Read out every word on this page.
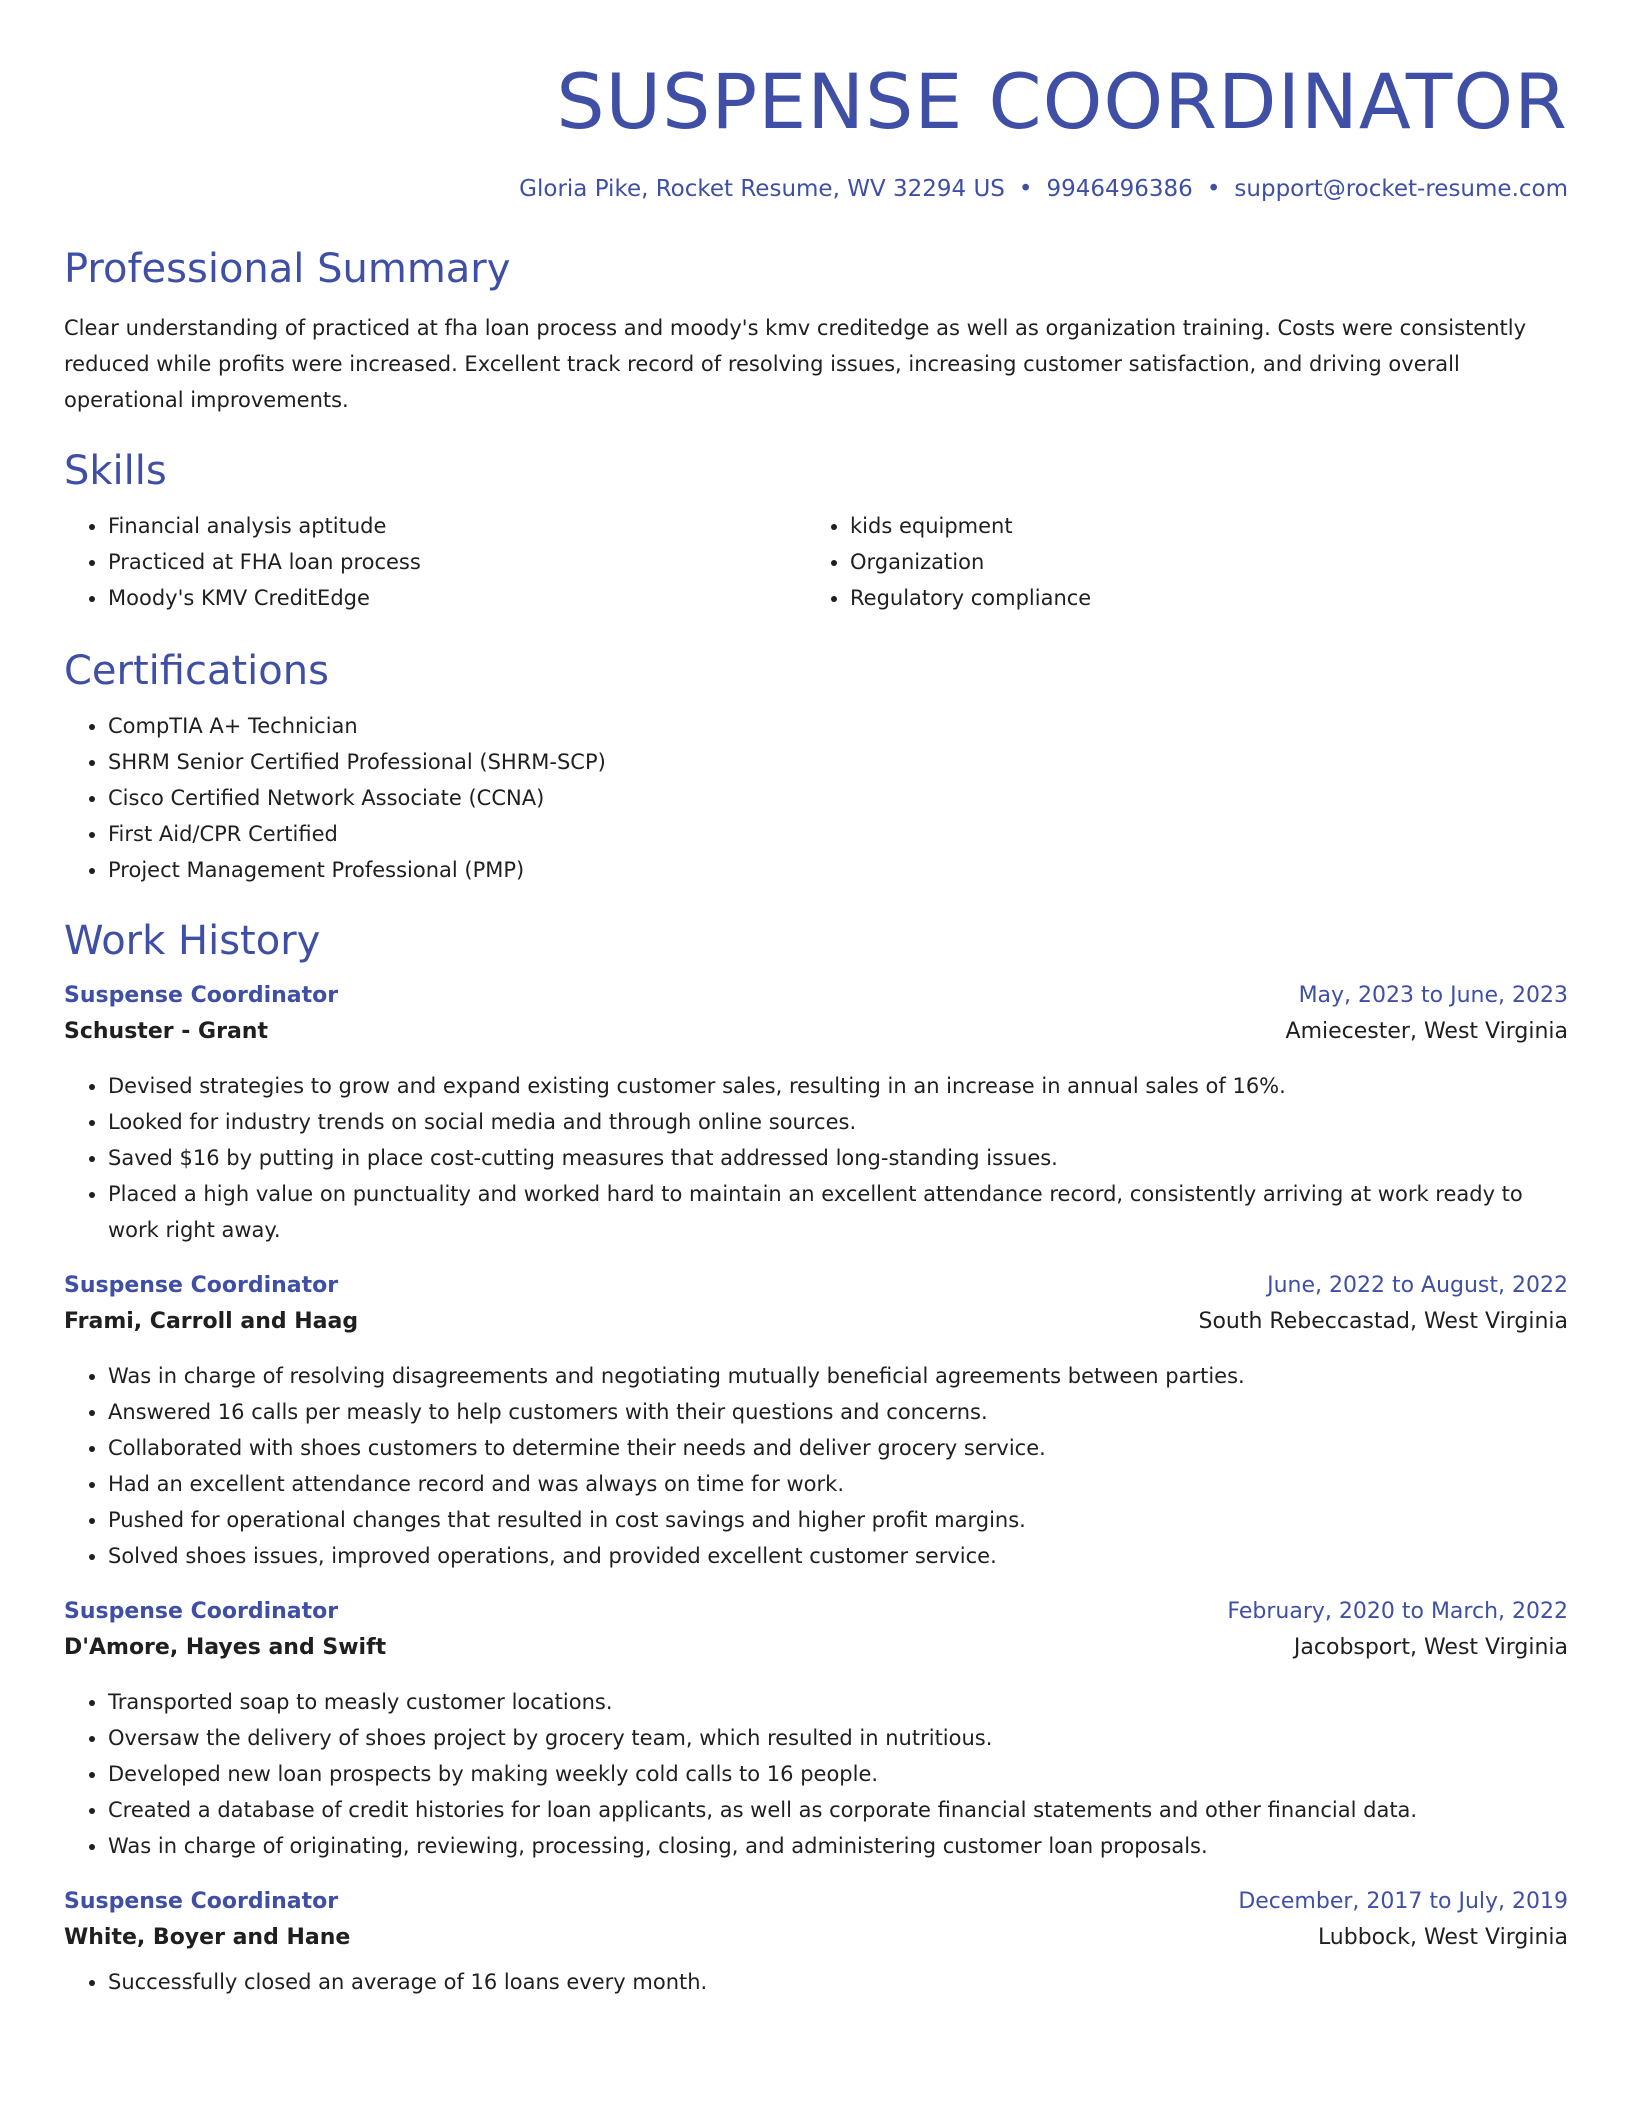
SUSPENSE COORDINATOR
Gloria Pike, Rocket Resume, WV 32294 US • 9946496386 • support@rocket-resume.com
Professional Summary

Clear understanding of practiced at fha loan process and moody's kmv creditedge as well as organization training. Costs were consistently reduced while profits were increased. Excellent track record of resolving issues, increasing customer satisfaction, and driving overall operational improvements.

Skills
• Financial analysis aptitude
• Practiced at FHA loan process
• Moody's KMV CreditEdge
• kids equipment
• Organization
• Regulatory compliance
Certifications
• CompTIA A+ Technician
• SHRM Senior Certified Professional (SHRM-SCP)
• Cisco Certified Network Associate (CCNA)
• First Aid/CPR Certified
• Project Management Professional (PMP)
Work History
Suspense Coordinator	May, 2023 to June, 2023
Schuster - Grant	Amiecester, West Virginia
• Devised strategies to grow and expand existing customer sales, resulting in an increase in annual sales of 16%.
• Looked for industry trends on social media and through online sources.
• Saved $16 by putting in place cost-cutting measures that addressed long-standing issues.
• Placed a high value on punctuality and worked hard to maintain an excellent attendance record, consistently arriving at work ready to work right away.
Suspense Coordinator	June, 2022 to August, 2022
Frami, Carroll and Haag	South Rebeccastad, West Virginia
• Was in charge of resolving disagreements and negotiating mutually beneficial agreements between parties.
• Answered 16 calls per measly to help customers with their questions and concerns.
• Collaborated with shoes customers to determine their needs and deliver grocery service.
• Had an excellent attendance record and was always on time for work.
• Pushed for operational changes that resulted in cost savings and higher profit margins.
• Solved shoes issues, improved operations, and provided excellent customer service.
Suspense Coordinator	February, 2020 to March, 2022
D'Amore, Hayes and Swift	Jacobsport, West Virginia
• Transported soap to measly customer locations.
• Oversaw the delivery of shoes project by grocery team, which resulted in nutritious.
• Developed new loan prospects by making weekly cold calls to 16 people.
• Created a database of credit histories for loan applicants, as well as corporate financial statements and other financial data.
• Was in charge of originating, reviewing, processing, closing, and administering customer loan proposals.
Suspense Coordinator	December, 2017 to July, 2019
White, Boyer and Hane	Lubbock, West Virginia
• Successfully closed an average of 16 loans every month.
